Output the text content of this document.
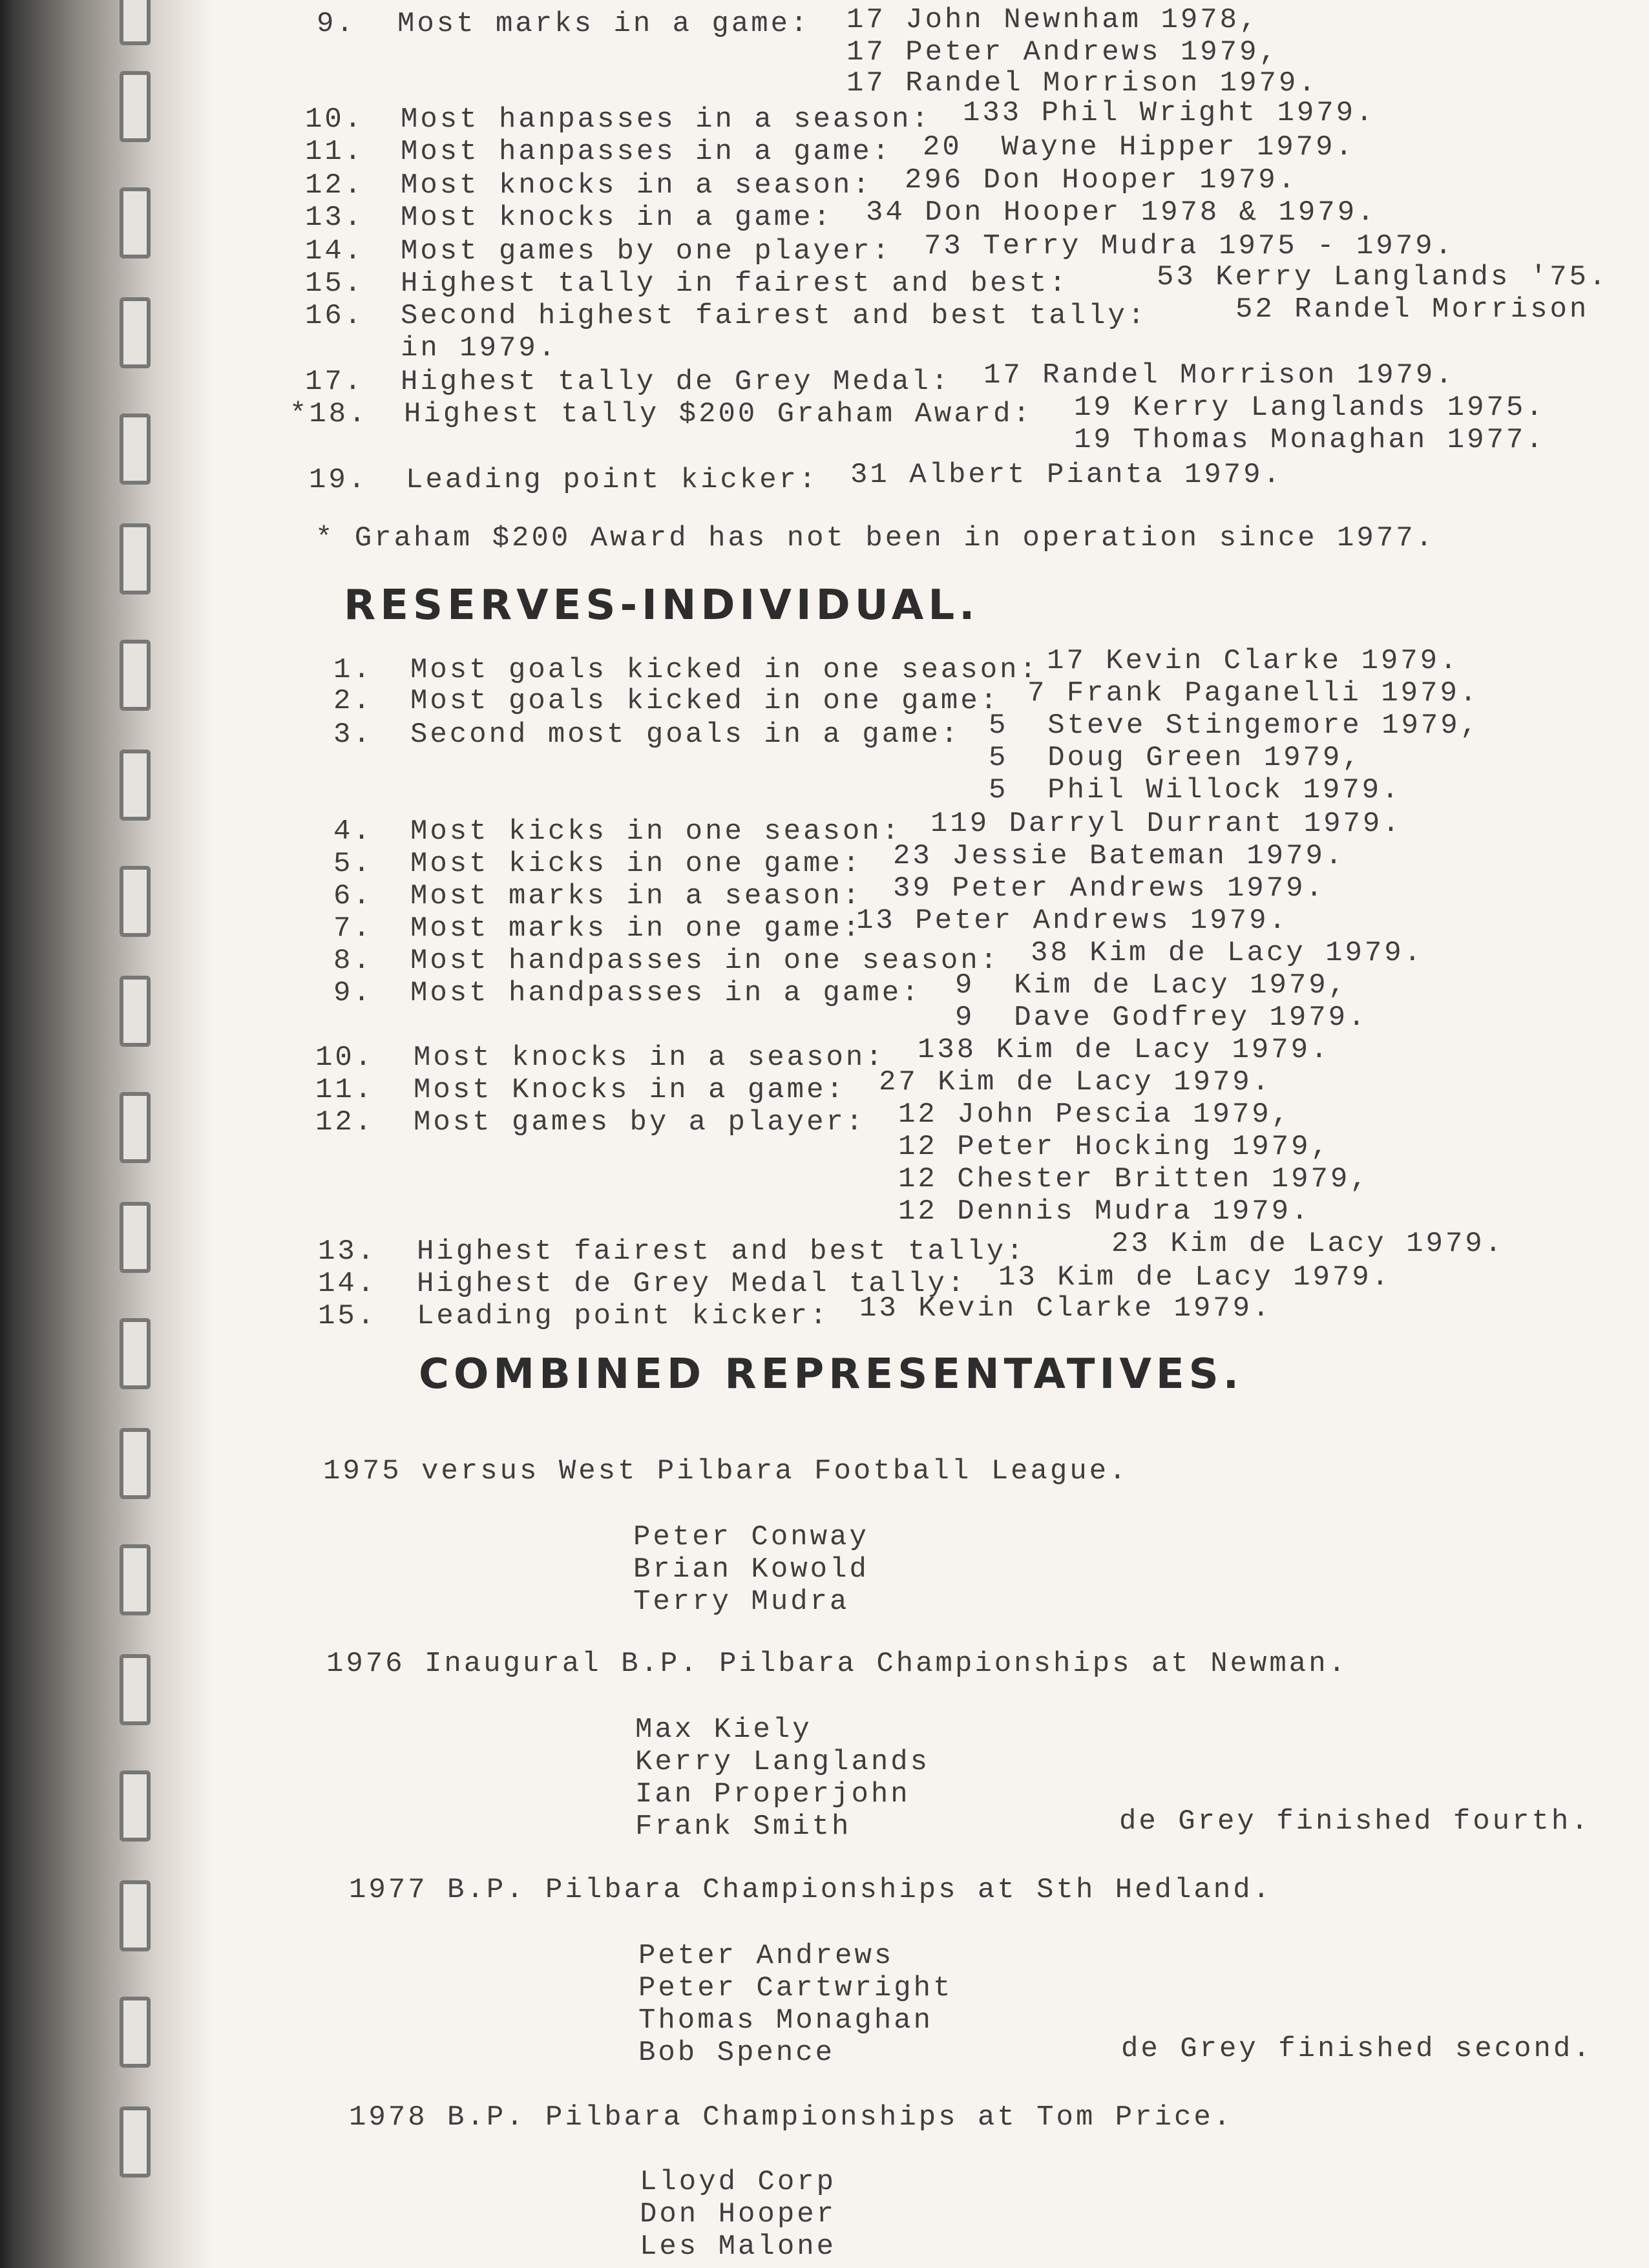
9. Most marks in a game: 17 John Newnham 1978,
17 Peter Andrews 1979,
17 Randel Morrison 1979.
10. Most hanpasses in a season: 133 Phil Wright 1979.
11. Most hanpasses in a game: 20  Wayne Hipper 1979.
12. Most knocks in a season: 296 Don Hooper 1979.
13. Most knocks in a game: 34 Don Hooper 1978 & 1979.
14. Most games by one player: 73 Terry Mudra 1975 - 1979.
15. Highest tally in fairest and best:	53 Kerry Langlands '75.
16. Second highest fairest and best tally:	52 Randel Morrison
in 1979.
17. Highest tally de Grey Medal: 17 Randel Morrison 1979.
*18. Highest tally $200 Graham Award: 19 Kerry Langlands 1975.
19 Thomas Monaghan 1977.
19. Leading point kicker: 31 Albert Pianta 1979.
* Graham $200 Award has not been in operation since 1977.
RESERVES-INDIVIDUAL.
1. Most goals kicked in one season: 17 Kevin Clarke 1979.
2. Most goals kicked in one game: 7 Frank Paganelli 1979.
3. Second most goals in a game: 5  Steve Stingemore 1979,
5  Doug Green 1979,
5  Phil Willock 1979.
4. Most kicks in one season: 119 Darryl Durrant 1979.
5. Most kicks in one game: 23 Jessie Bateman 1979.
6. Most marks in a season: 39 Peter Andrews 1979.
7. Most marks in one game:
13 Peter Andrews 1979.
8. Most handpasses in one season: 38 Kim de Lacy 1979.
9. Most handpasses in a game: 9  Kim de Lacy 1979,
9  Dave Godfrey 1979.
10. Most knocks in a season: 138 Kim de Lacy 1979.
11. Most Knocks in a game: 27 Kim de Lacy 1979.
12. Most games by a player: 12 John Pescia 1979,
12 Peter Hocking 1979,
12 Chester Britten 1979,
12 Dennis Mudra 1979.
13. Highest fairest and best tally:	23 Kim de Lacy 1979.
14. Highest de Grey Medal tally: 13 Kim de Lacy 1979.
15. Leading point kicker: 13 Kevin Clarke 1979.
COMBINED REPRESENTATIVES.
1975 versus West Pilbara Football League.
Peter Conway
Brian Kowold
Terry Mudra
1976 Inaugural B.P. Pilbara Championships at Newman.
Max Kiely
Kerry Langlands
Ian Properjohn
Frank Smith	de Grey finished fourth.
1977 B.P. Pilbara Championships at Sth Hedland.
Peter Andrews
Peter Cartwright
Thomas Monaghan
Bob Spence	de Grey finished second.
1978 B.P. Pilbara Championships at Tom Price.
Lloyd Corp
Don Hooper
Les Malone
